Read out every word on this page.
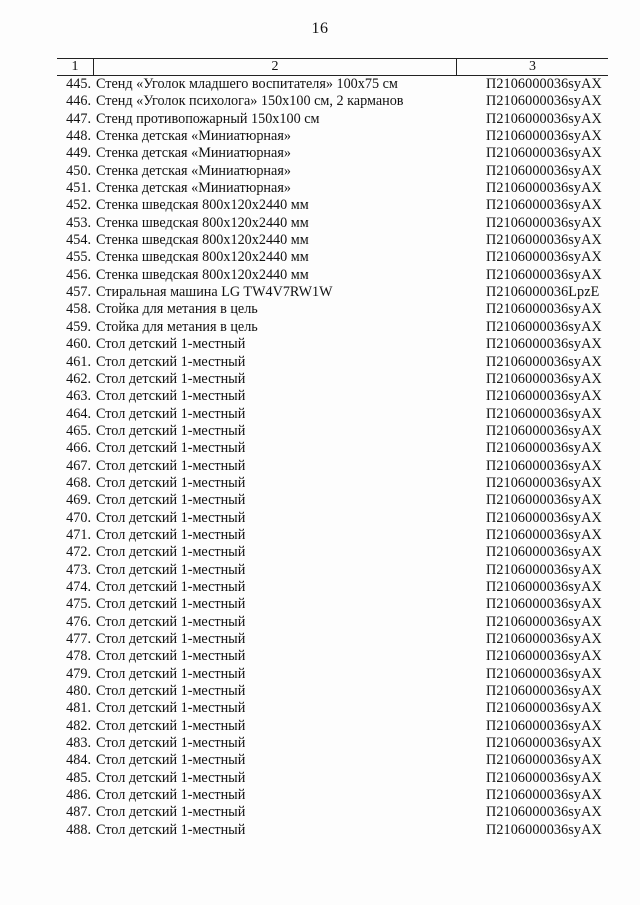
16
1	2	3
445. Стенд «Уголок младшего воспитателя» 100х75 см	П2106000036syAX
446. Стенд «Уголок психолога» 150х100 см, 2 карманов	П2106000036syAX
447. Стенд противопожарный 150х100 см	П2106000036syAX
448. Стенка детская «Миниатюрная»	П2106000036syAX
449. Стенка детская «Миниатюрная»	П2106000036syAX
450. Стенка детская «Миниатюрная»	П2106000036syAX
451. Стенка детская «Миниатюрная»	П2106000036syAX
452. Стенка шведская 800х120х2440 мм	П2106000036syAX
453. Стенка шведская 800х120х2440 мм	П2106000036syAX
454. Стенка шведская 800х120х2440 мм	П2106000036syAX
455. Стенка шведская 800х120х2440 мм	П2106000036syAX
456. Стенка шведская 800х120х2440 мм	П2106000036syAX
457. Стиральная машина LG TW4V7RW1W	П2106000036LpzE
458. Стойка для метания в цель	П2106000036syAX
459. Стойка для метания в цель	П2106000036syAX
460. Стол детский 1-местный	П2106000036syAX
461. Стол детский 1-местный	П2106000036syAX
462. Стол детский 1-местный	П2106000036syAX
463. Стол детский 1-местный	П2106000036syAX
464. Стол детский 1-местный	П2106000036syAX
465. Стол детский 1-местный	П2106000036syAX
466. Стол детский 1-местный	П2106000036syAX
467. Стол детский 1-местный	П2106000036syAX
468. Стол детский 1-местный	П2106000036syAX
469. Стол детский 1-местный	П2106000036syAX
470. Стол детский 1-местный	П2106000036syAX
471. Стол детский 1-местный	П2106000036syAX
472. Стол детский 1-местный	П2106000036syAX
473. Стол детский 1-местный	П2106000036syAX
474. Стол детский 1-местный	П2106000036syAX
475. Стол детский 1-местный	П2106000036syAX
476. Стол детский 1-местный	П2106000036syAX
477. Стол детский 1-местный	П2106000036syAX
478. Стол детский 1-местный	П2106000036syAX
479. Стол детский 1-местный	П2106000036syAX
480. Стол детский 1-местный	П2106000036syAX
481. Стол детский 1-местный	П2106000036syAX
482. Стол детский 1-местный	П2106000036syAX
483. Стол детский 1-местный	П2106000036syAX
484. Стол детский 1-местный	П2106000036syAX
485. Стол детский 1-местный	П2106000036syAX
486. Стол детский 1-местный	П2106000036syAX
487. Стол детский 1-местный	П2106000036syAX
488. Стол детский 1-местный	П2106000036syAX
